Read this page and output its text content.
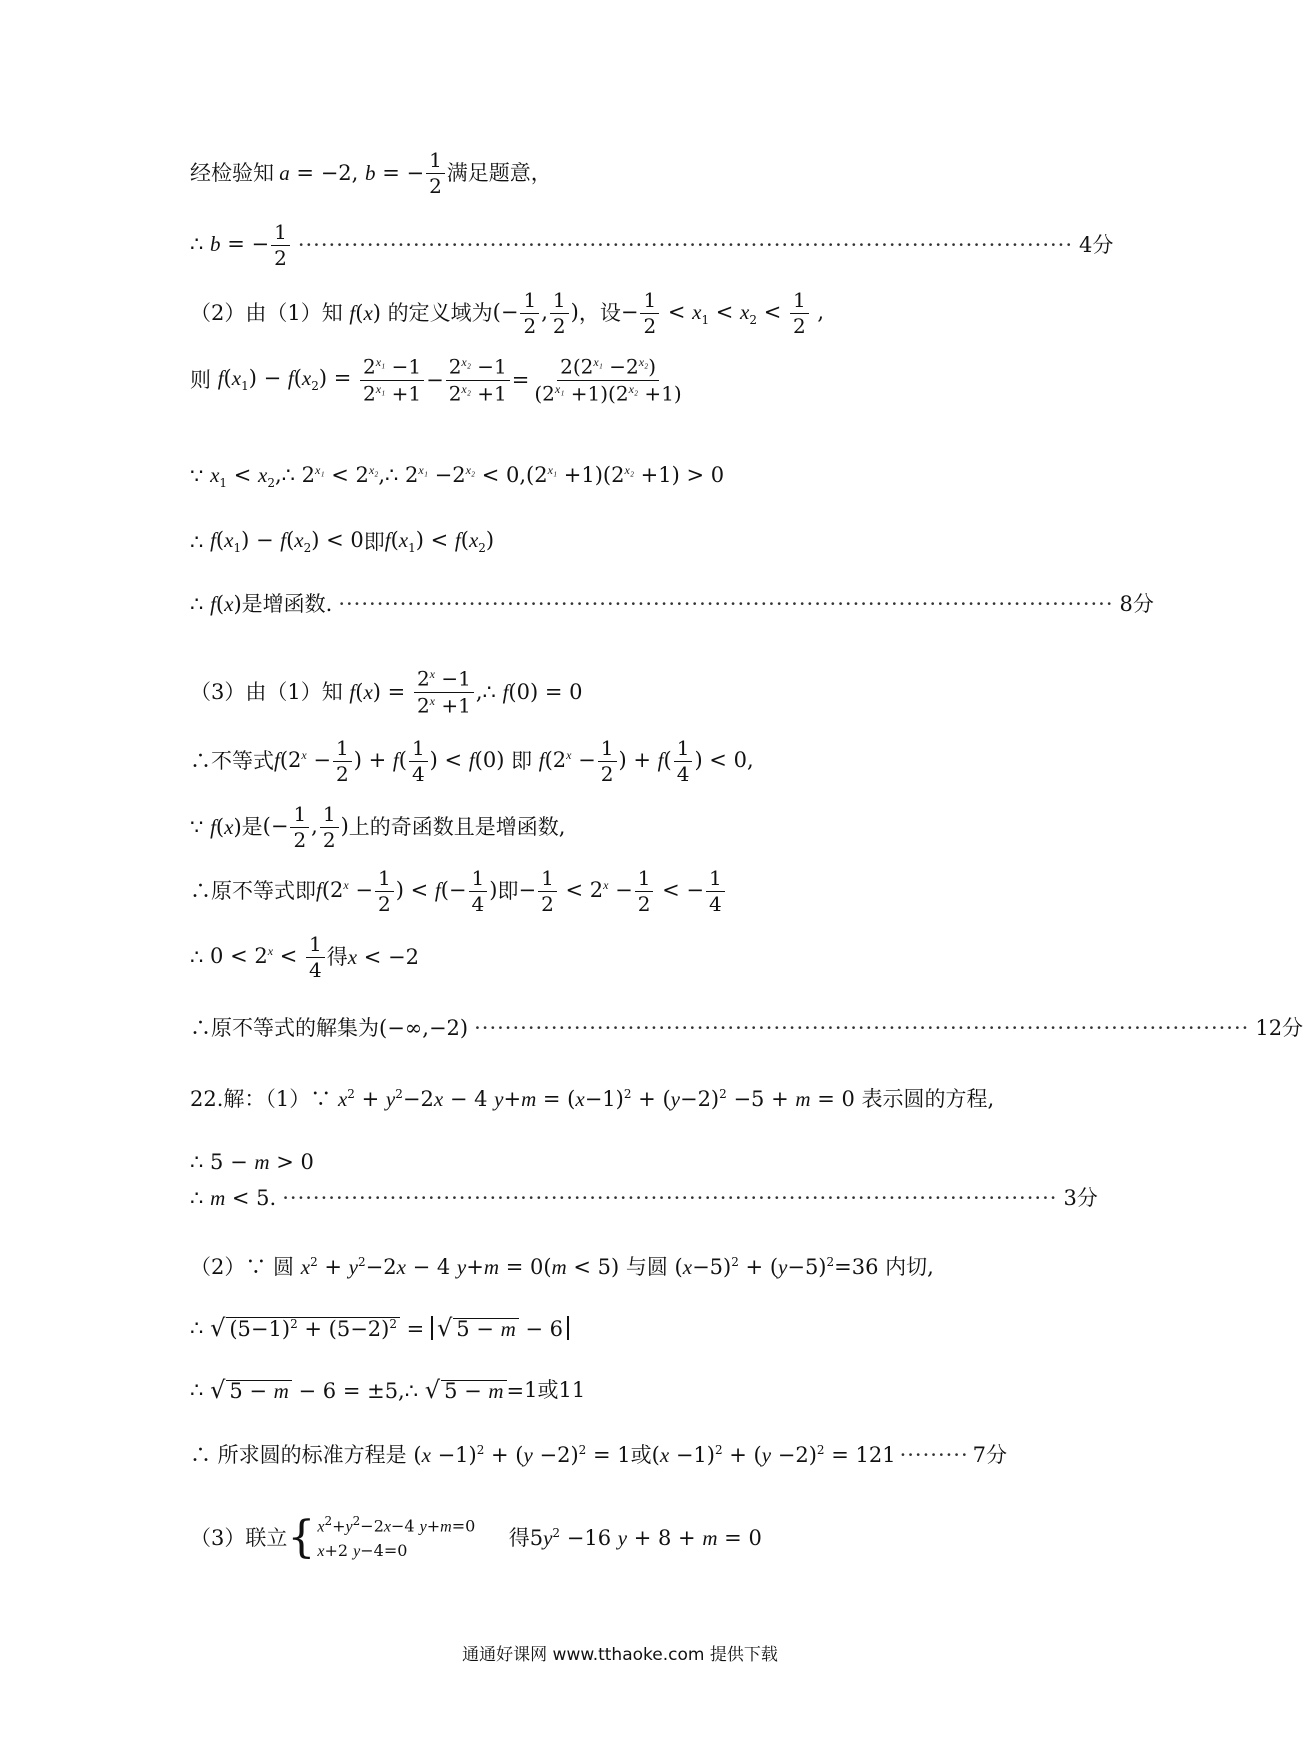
经检验知 a = −2, b = − $\frac{1}{2}$ 满足题意，
∴ b = − $\frac{1}{2}$ ····································································································· 4分
（2）由（1）知 f(x) 的定义域为 (− $\frac{1}{2}$ , $\frac{1}{2}$ ) ，设 − $\frac{1}{2} < x_1 < x_2 < \frac{1}{2}$ ,
则 $f(x_1) - f(x_2) = \frac{2^{x_1} -1}{2^{x_1} +1} - \frac{2^{x_2} -1}{2^{x_2} +1} = \frac{2(2^{x_1} -2^{x_2})}{(2^{x_1} +1)(2^{x_2} +1)}$
∵ $x_1$ < $x_2,\therefore$ $2^{x_1}$ < $2^{x_2},\therefore$ $2^{x_1} -2^{x_2} < 0,(2^{x_1} +1)(2^{x_2} +1) > 0$
∴ $f(x_1) - f(x_2) < 0$ 即 $f(x_1) < f(x_2)$
∴ f(x) 是增函数. ····································································································· 8分
（3）由（1）知 $f(x) = \frac{2^x -1}{2^x +1}$ ,∴ f(0) = 0
∴不等式 $f(2^x - \frac{1}{2}$ ) + $f( \frac{1}{4}$ ) < f(0) 即 $f(2^x - \frac{1}{2}$ ) + $f( \frac{1}{4}$ ) < 0,
∵ f(x) 是 (− $\frac{1}{2}$ , $\frac{1}{2}$ ) 上的奇函数且是增函数,
∴原不等式即 $f(2^x - \frac{1}{2}$ ) < $f(- \frac{1}{4}$ ) 即 − $\frac{1}{2} < 2^x - \frac{1}{2}$ < − $\frac{1}{4}$
∴ $0 < 2^x < \frac{1}{4}$ 得 x < −2
∴原不等式的解集为 (−∞,−2) ····································································································· 12分
22.解：（1）∵ $x^2 + y^2-2x - 4$ $y+m = (x-1)^2 + (y-2)^2 -5 + m = 0$ 表示圆的方程,
∴ 5 − m > 0
∴ m < 5. ····································································································· 3分
（2）∵ 圆 $x^2 + y^2-2x - 4$ y+m = 0(m < 5) 与圆 $(x-5)^2 + (y-5)^2=36$ 内切,
∴ √ $(5-1)^2 + (5-2)^2$ = √ 5 − m − 6
∴ √ 5 − m − 6 = ±5,∴ √ 5 − m = 1或11
∴ 所求圆的标准方程是 $(x -1)^2 + (y -2)^2 = 1$ 或 $(x -1)^2 + (y -2)^2 = 121$ ········· 7分
（3）联立 { $x^2+y^2-2x-4$ y+m=0
x+2 y−4=0

得 $5y^2 -16$ y + 8 + m = 0
通通好课网 www.tthaoke.com 提供下载
